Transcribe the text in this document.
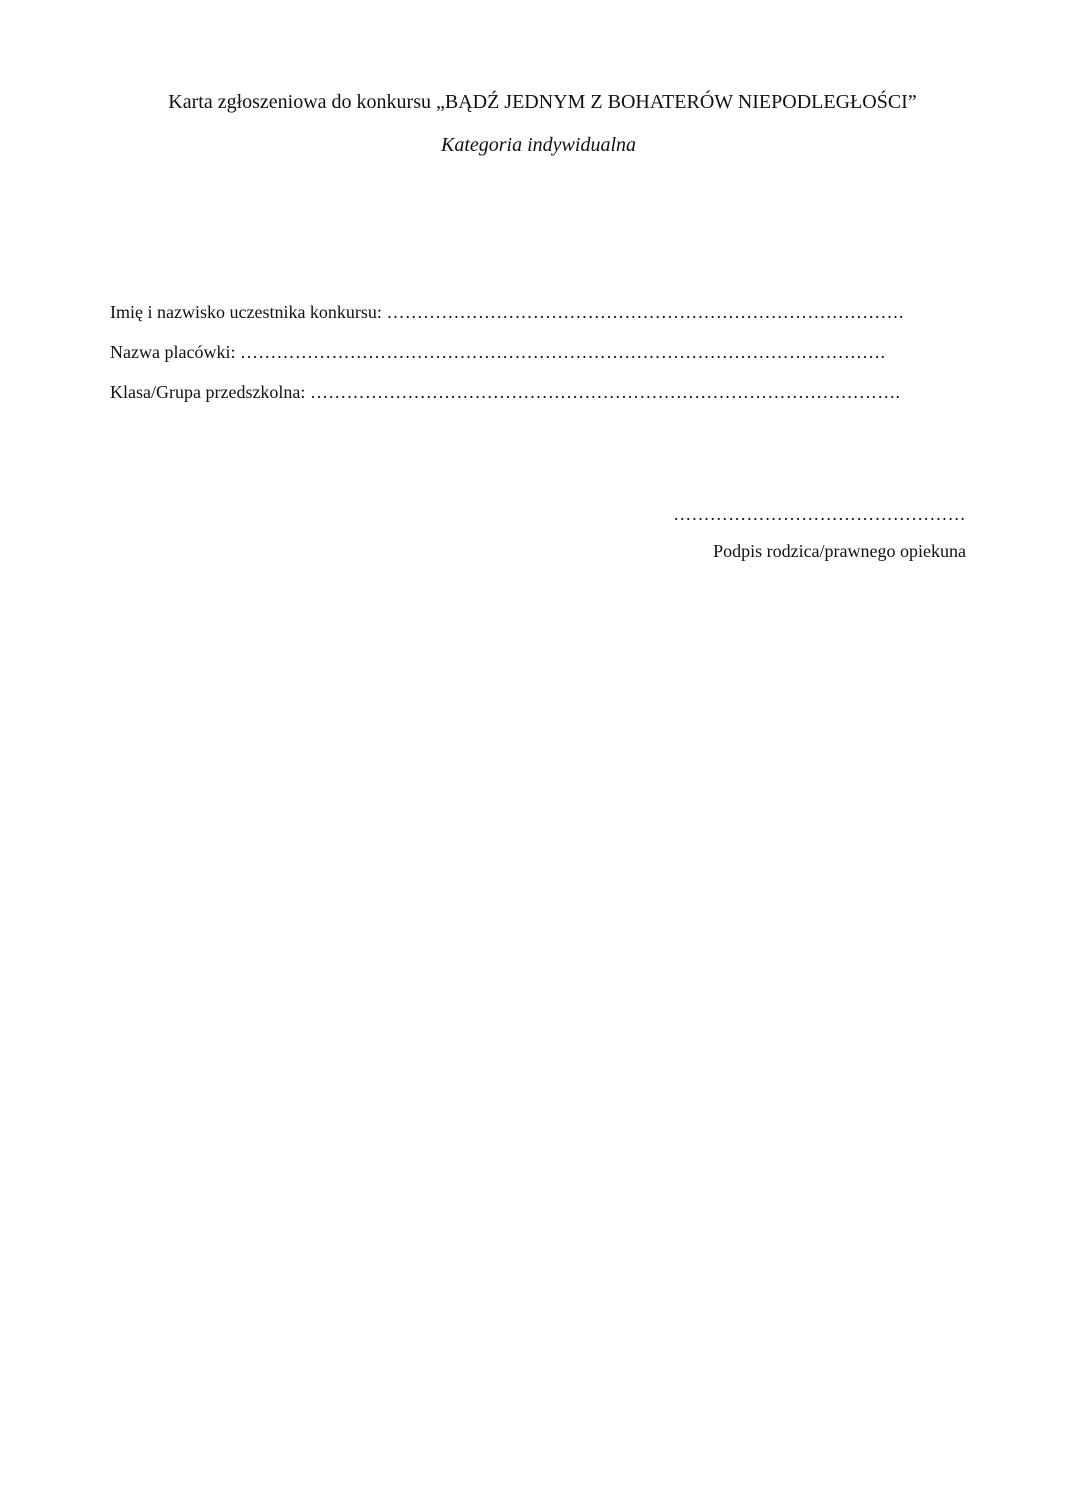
Karta zgłoszeniowa do konkursu „BĄDŹ JEDNYM Z BOHATERÓW NIEPODLEGŁOŚCI”
Kategoria indywidualna
Imię i nazwisko uczestnika konkursu: ………………………………………………………………………….
Nazwa placówki: …………………………………………………………………………………………….
Klasa/Grupa przedszkolna: …………………………………………………………………………………….
…………………………………………
Podpis rodzica/prawnego opiekuna
